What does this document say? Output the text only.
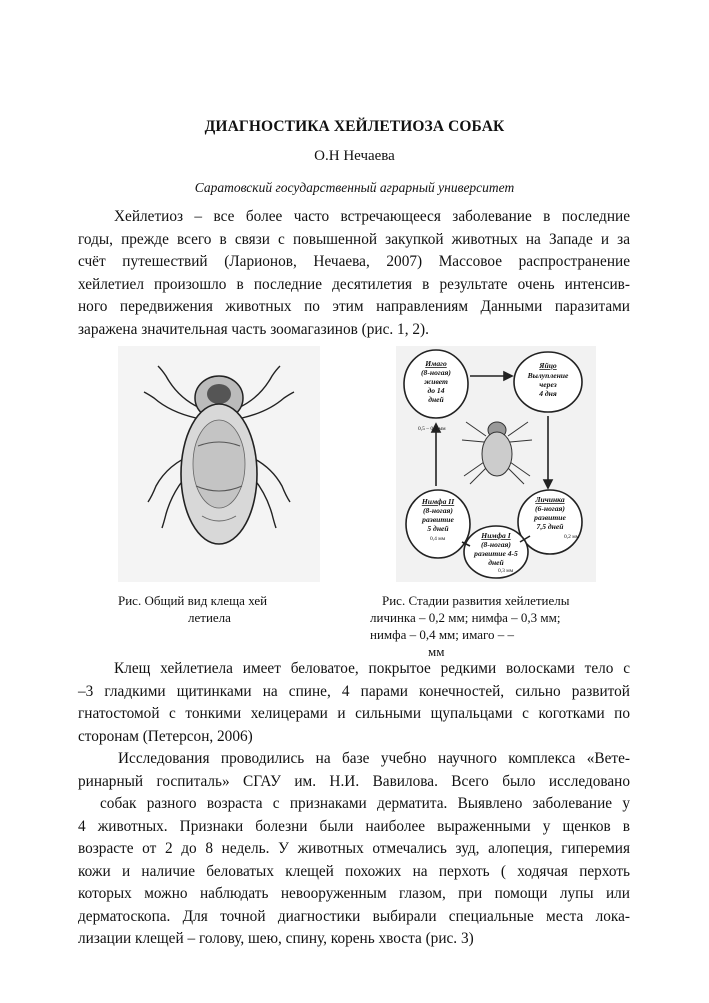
ДИАГНОСТИКА ХЕЙЛЕТИОЗА СОБАК
О.Н Нечаева
Саратовский государственный аграрный университет
Хейлетиоз – все более часто встречающееся заболевание в последние
годы, прежде всего в связи с повышенной закупкой животных на Западе и за
счёт путешествий (Ларионов, Нечаева, 2007) Массовое распространение
хейлетиел произошло в последние десятилетия в результате очень интенсив-
ного передвижения животных по этим направлениям Данными паразитами
заражена значительная часть зоомагазинов (рис. 1, 2).
Имаго
(8-ногая)
живет
до 14
дней
Яйцо
Вылупление
через
4 дня
Нимфа II
(8-ногая)
развитие
5 дней
Личинка
(6-ногая)
развитие
7,5 дней
Нимфа I
(8-ногая)
развитие 4-5
дней
0,5 – 0,6 мм
0,4 мм	0,2 мм
0,3 мм
Рис. Общий вид клеща хей
летиела
Рис. Стадии развития хейлетиелы
личинка – 0,2 мм; нимфа – 0,3 мм;
нимфа – 0,4 мм; имаго – –
мм
Клещ хейлетиела имеет беловатое, покрытое редкими волосками тело с
–3 гладкими щитинками на спине, 4 парами конечностей, сильно развитой
гнатостомой с тонкими хелицерами и сильными щупальцами с коготками по
сторонам (Петерсон, 2006)
Исследования проводились на базе учебно научного комплекса «Вете-
ринарный госпиталь» СГАУ им. Н.И. Вавилова. Всего было исследовано
собак разного возраста с признаками дерматита. Выявлено заболевание у
4 животных. Признаки болезни были наиболее выраженными у щенков в
возрасте от 2 до 8 недель. У животных отмечались зуд, алопеция, гиперемия
кожи и наличие беловатых клещей похожих на перхоть ( ходячая перхоть
которых можно наблюдать невооруженным глазом, при помощи лупы или
дерматоскопа. Для точной диагностики выбирали специальные места лока-
лизации клещей – голову, шею, спину, корень хвоста (рис. 3)
